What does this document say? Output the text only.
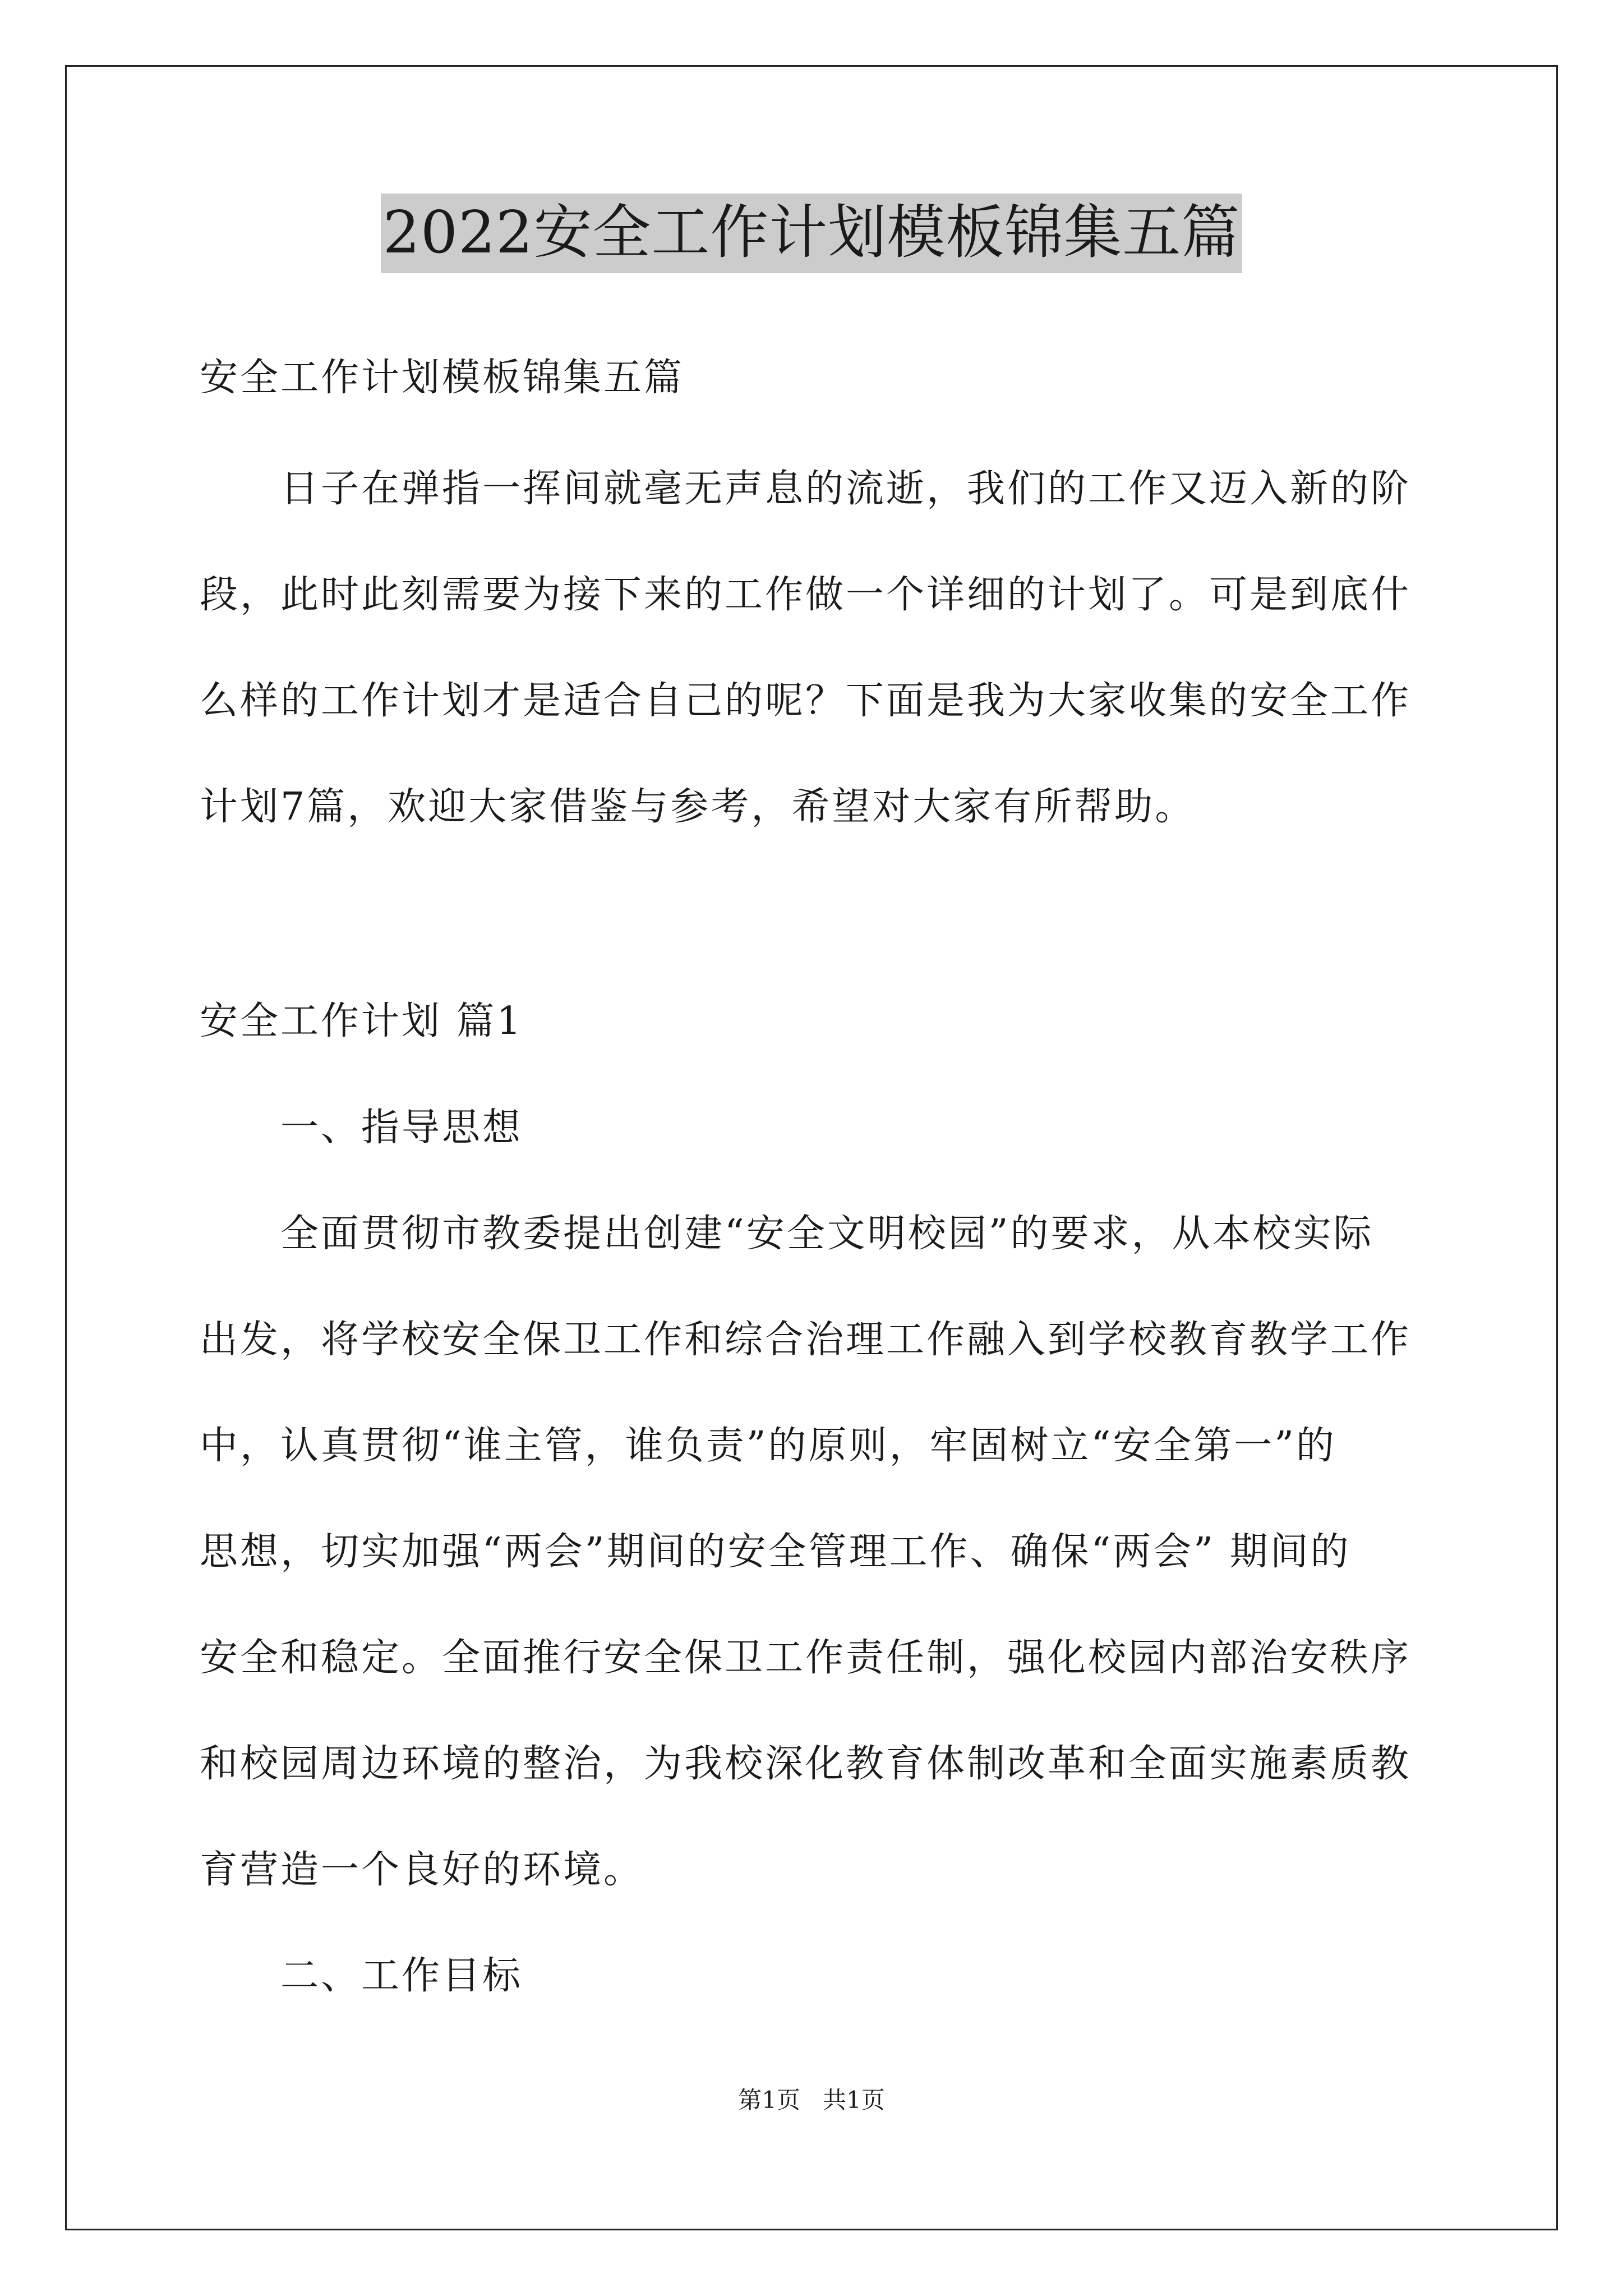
2022安全工作计划模板锦集五篇
安全工作计划模板锦集五篇
日子在弹指一挥间就毫无声息的流逝，我们的工作又迈入新的阶
段，此时此刻需要为接下来的工作做一个详细的计划了。可是到底什
么样的工作计划才是适合自己的呢？下面是我为大家收集的安全工作
计划7篇，欢迎大家借鉴与参考，希望对大家有所帮助。
安全工作计划 篇1
一、指导思想
全面贯彻市教委提出创建“安全文明校园”的要求，从本校实际
出发，将学校安全保卫工作和综合治理工作融入到学校教育教学工作
中，认真贯彻“谁主管，谁负责”的原则，牢固树立“安全第一”的
思想，切实加强“两会”期间的安全管理工作、确保“两会” 期间的
安全和稳定。全面推行安全保卫工作责任制，强化校园内部治安秩序
和校园周边环境的整治，为我校深化教育体制改革和全面实施素质教
育营造一个良好的环境。
二、工作目标
第1页   共1页
